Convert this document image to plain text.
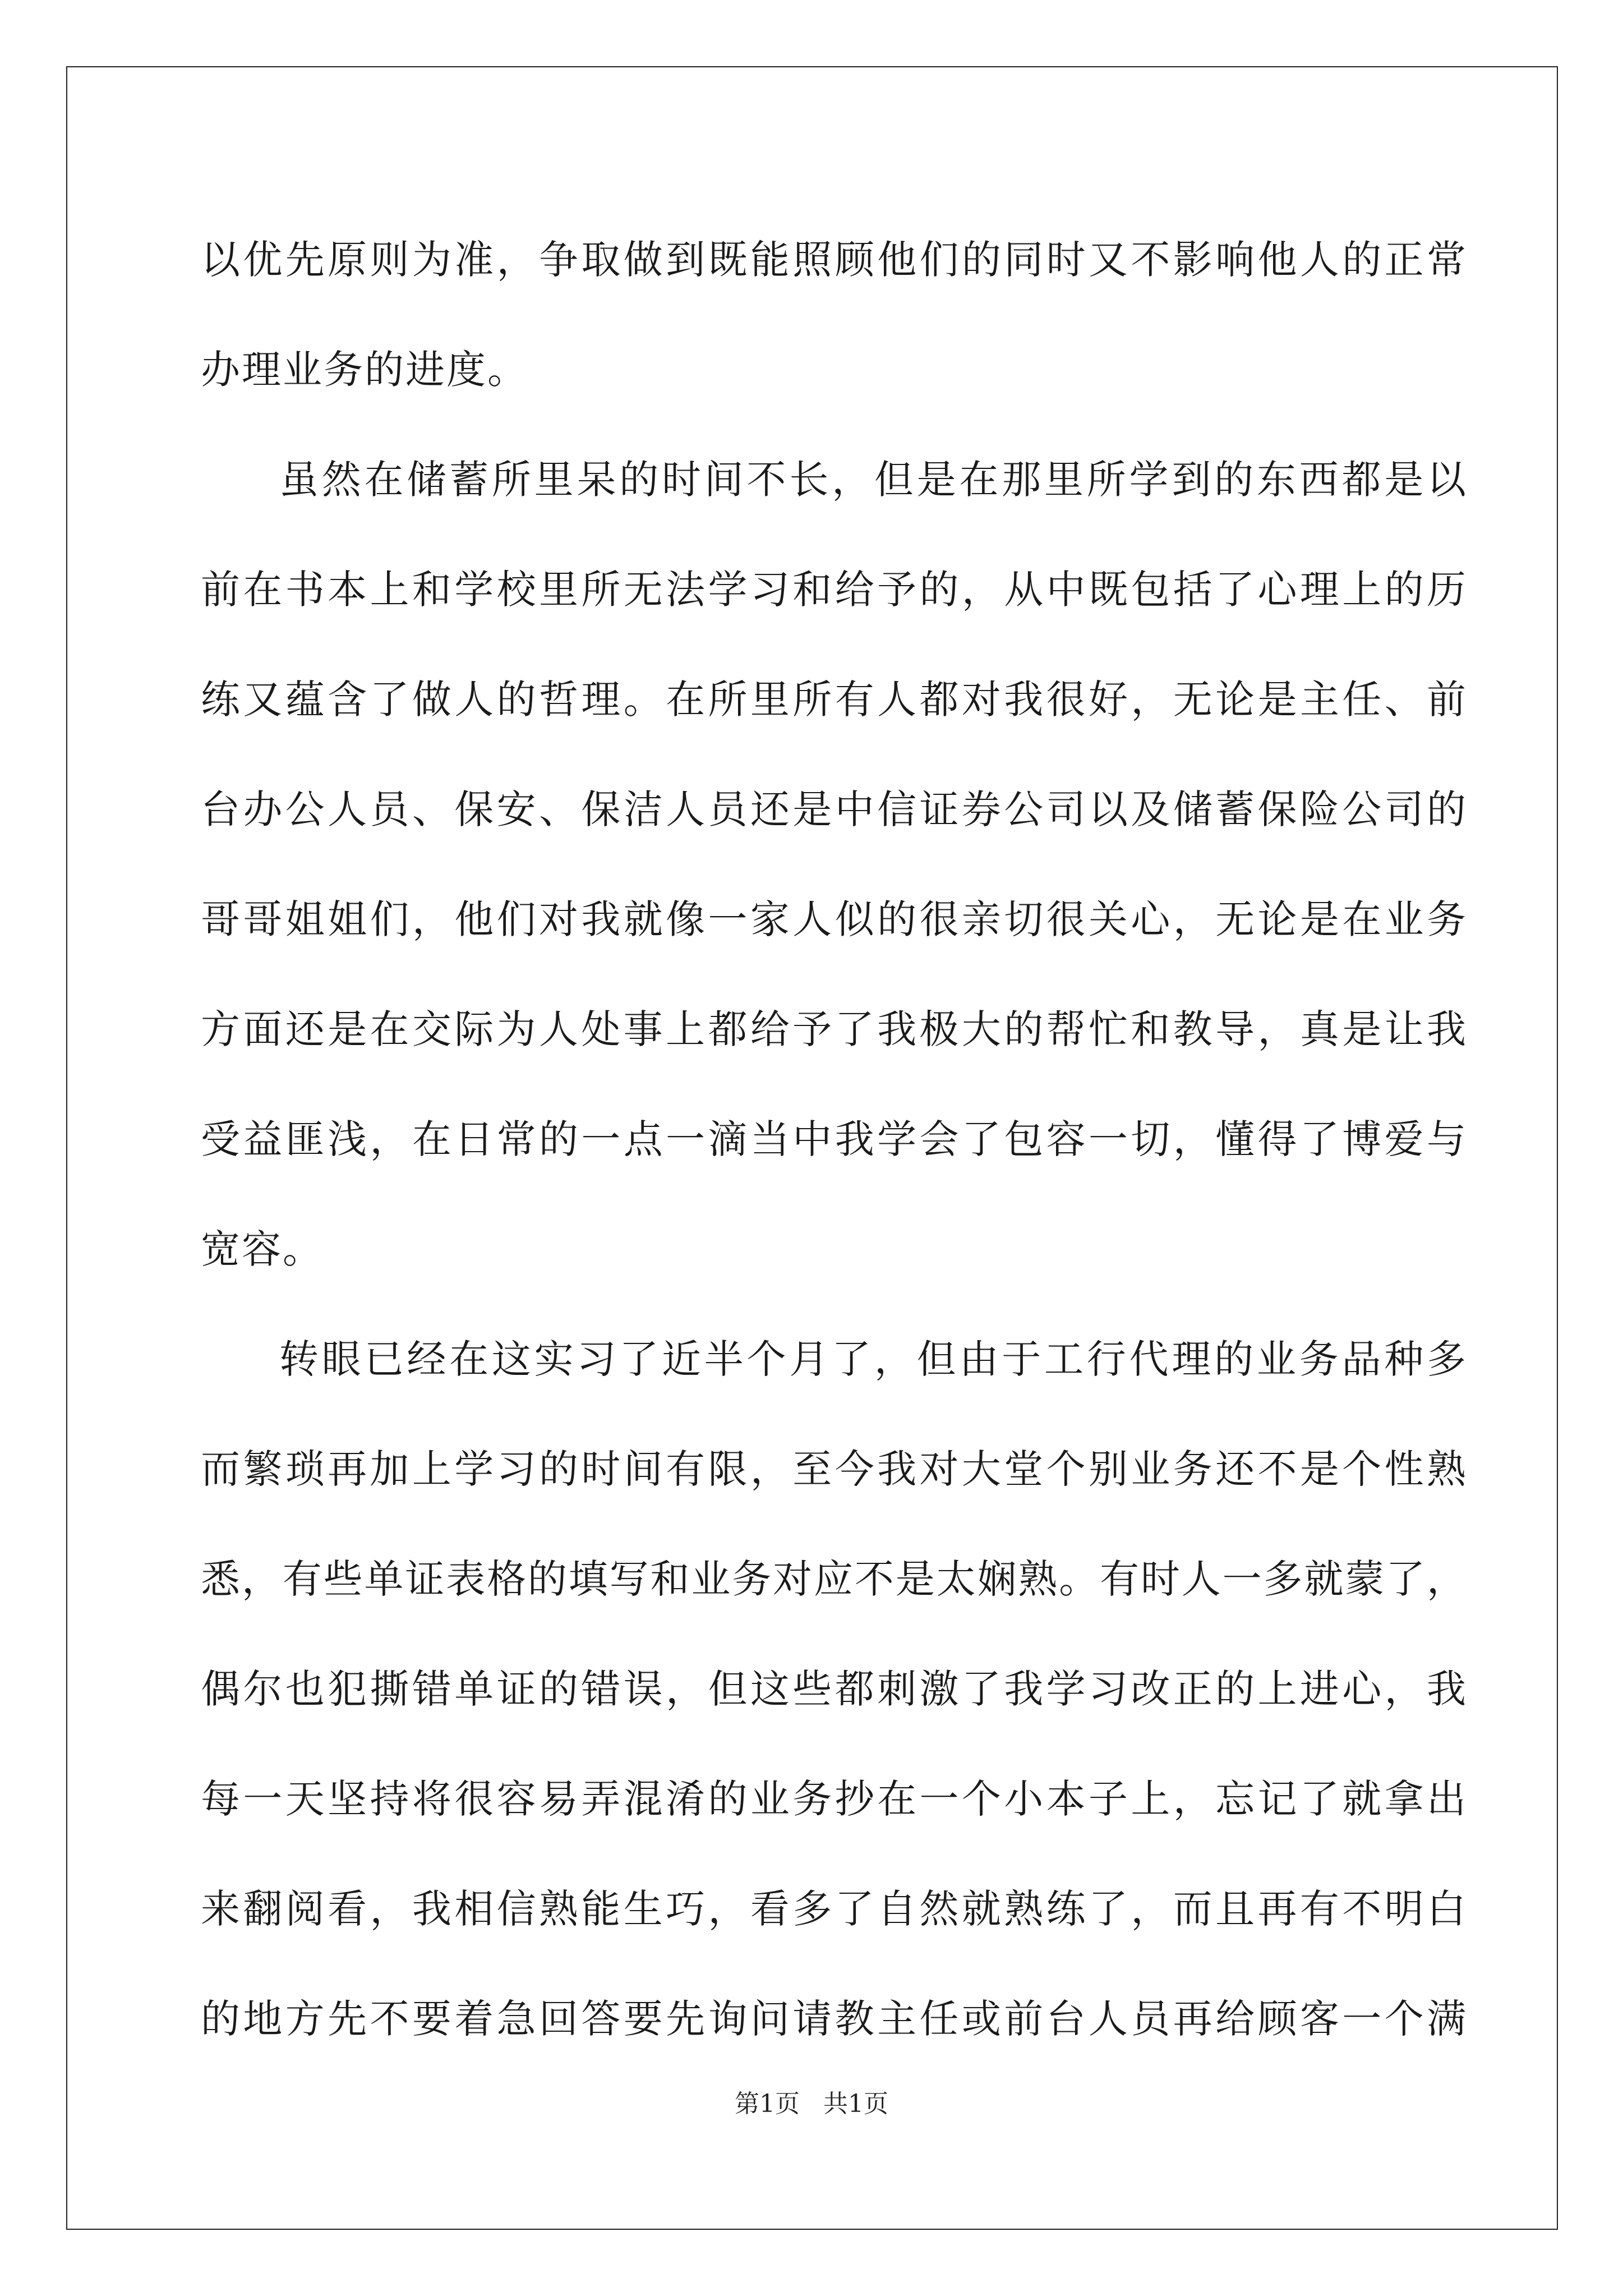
以优先原则为准，争取做到既能照顾他们的同时又不影响他人的正常
办理业务的进度。
虽然在储蓄所里呆的时间不长，但是在那里所学到的东西都是以
前在书本上和学校里所无法学习和给予的，从中既包括了心理上的历
练又蕴含了做人的哲理。在所里所有人都对我很好，无论是主任、前
台办公人员、保安、保洁人员还是中信证券公司以及储蓄保险公司的
哥哥姐姐们，他们对我就像一家人似的很亲切很关心，无论是在业务
方面还是在交际为人处事上都给予了我极大的帮忙和教导，真是让我
受益匪浅，在日常的一点一滴当中我学会了包容一切，懂得了博爱与
宽容。
转眼已经在这实习了近半个月了，但由于工行代理的业务品种多
而繁琐再加上学习的时间有限，至今我对大堂个别业务还不是个性熟
悉，有些单证表格的填写和业务对应不是太娴熟。有时人一多就蒙了，
偶尔也犯撕错单证的错误，但这些都刺激了我学习改正的上进心，我
每一天坚持将很容易弄混淆的业务抄在一个小本子上，忘记了就拿出
来翻阅看，我相信熟能生巧，看多了自然就熟练了，而且再有不明白
的地方先不要着急回答要先询问请教主任或前台人员再给顾客一个满
第1页   共1页
